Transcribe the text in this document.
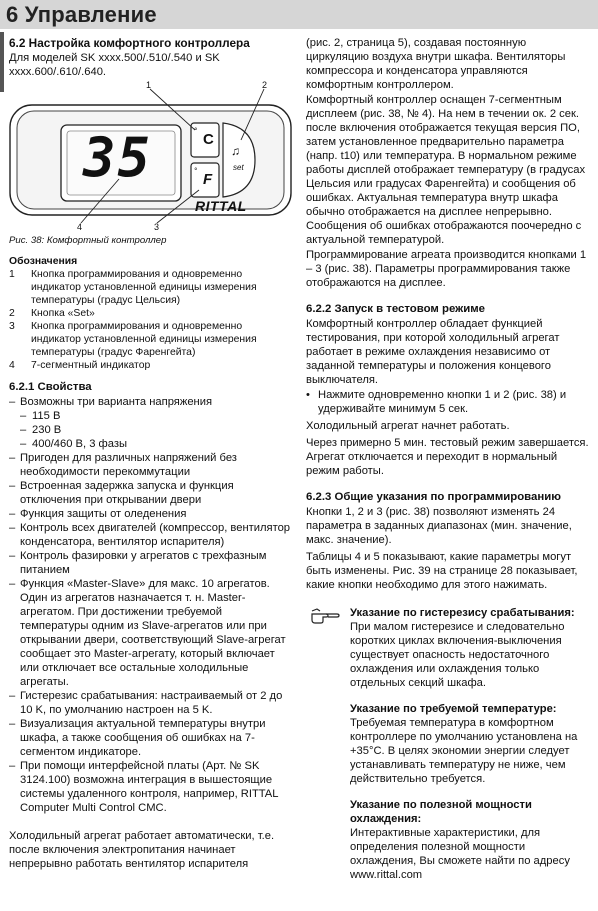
6 Управление
6.2 Настройка комфортного контроллера

Для моделей SK xxxx.500/.510/.540 и SK xxxx.600/.610/.640.

°
°
35	C
F
♫
set
RITTAL
1	2
3
4
Рис. 38: Комфортный контроллер
Обозначения
1	Кнопка программирования и одновременно индикатор установленной единицы измерения температуры (градус Цельсия)
2	Кнопка «Set»
3	Кнопка программирования и одновременно индикатор установленной единицы измерения температуры (градус Фаренгейта)
4	7-сегментный индикатор
6.2.1 Свойства
– Возможны три варианта напряжения
– 115 В
– 230 В
– 400/460 В, 3 фазы
– Пригоден для различных напряжений без необходимости перекоммутации
– Встроенная задержка запуска и функция отключения при открывании двери
– Функция защиты от оледенения
– Контроль всех двигателей (компрессор, вентилятор конденсатора, вентилятор испарителя)
– Контроль фазировки у агрегатов с трехфазным питанием
– Функция «Master-Slave» для макс. 10 агрегатов. Один из агрегатов назначается т. н. Master-агрегатом. При достижении требуемой температуры одним из Slave-агрегатов или при открывании двери, соответствующий Slave-агрегат сообщает это Master-агрегату, который включает или отключает все остальные холодильные агрегаты.
– Гистерезис срабатывания: настраиваемый от 2 до 10 K, по умолчанию настроен на 5 K.
– Визуализация актуальной температуры внутри шкафа, а также сообщения об ошибках на 7-сегментом индикаторе.
– При помощи интерфейсной платы (Арт. № SK 3124.100) возможна интеграция в вышестоящие системы удаленного контроля, например, RITTAL Computer Multi Control CMC.

Холодильный агрегат работает автоматически, т.е. после включения электропитания начинает непрерывно работать вентилятор испарителя

(рис. 2, страница 5), создавая постоянную циркуляцию воздуха внутри шкафа. Вентиляторы компрессора и конденсатора управляются комфортным контроллером.

Комфортный контроллер оснащен 7-сегментным дисплеем (рис. 38, № 4). На нем в течении ок. 2 сек. после включения отображается текущая версия ПО, затем установленное предварительно параметра (напр. t10) или температура. В нормальном режиме работы дисплей отображает температуру (в градусах Цельсия или градусах Фаренгейта) и сообщения об ошибках. Актуальная температура внутр шкафа обычно отображается на дисплее непрерывно. Сообщения об ошибках отображаются поочередно с актуальной температурой.

Программирование агреата производится кнопками 1 – 3 (рис. 38). Параметры программирования также отображаются на дисплее.

6.2.2 Запуск в тестовом режиме

Комфортный контроллер обладает функцией тестирования, при которой холодильный агрегат работает в режиме охлаждения независимо от заданной температуры и положения концевого выключателя.

• Нажмите одновременно кнопки 1 и 2 (рис. 38) и удерживайте минимум 5 сек.

Холодильный агрегат начнет работать.

Через примерно 5 мин. тестовый режим завершается. Агрегат отключается и переходит в нормальный режим работы.

6.2.3 Общие указания по программированию

Кнопки 1, 2 и 3 (рис. 38) позволяют изменять 24 параметра в заданных диапазонах (мин. значение, макс. значение).

Таблицы 4 и 5 показывают, какие параметры могут быть изменены. Рис. 39 на странице 28 показывает, какие кнопки необходимо для этого нажимать.

Указание по гистерезису срабатывания:
При малом гистерезисе и следовательно коротких циклах включения-выключения существует опасность недостаточного охлаждения или охлаждения только отдельных секций шкафа.
Указание по требуемой температуре:
Требуемая температура в комфортном контроллере по умолчанию установлена на +35°С. В целях экономии энергии следует устанавливать температуру не ниже, чем действительно требуется.
Указание по полезной мощности охлаждения:
Интерактивные характеристики, для определения полезной мощности охлаждения, Вы сможете найти по адресу www.rittal.com
